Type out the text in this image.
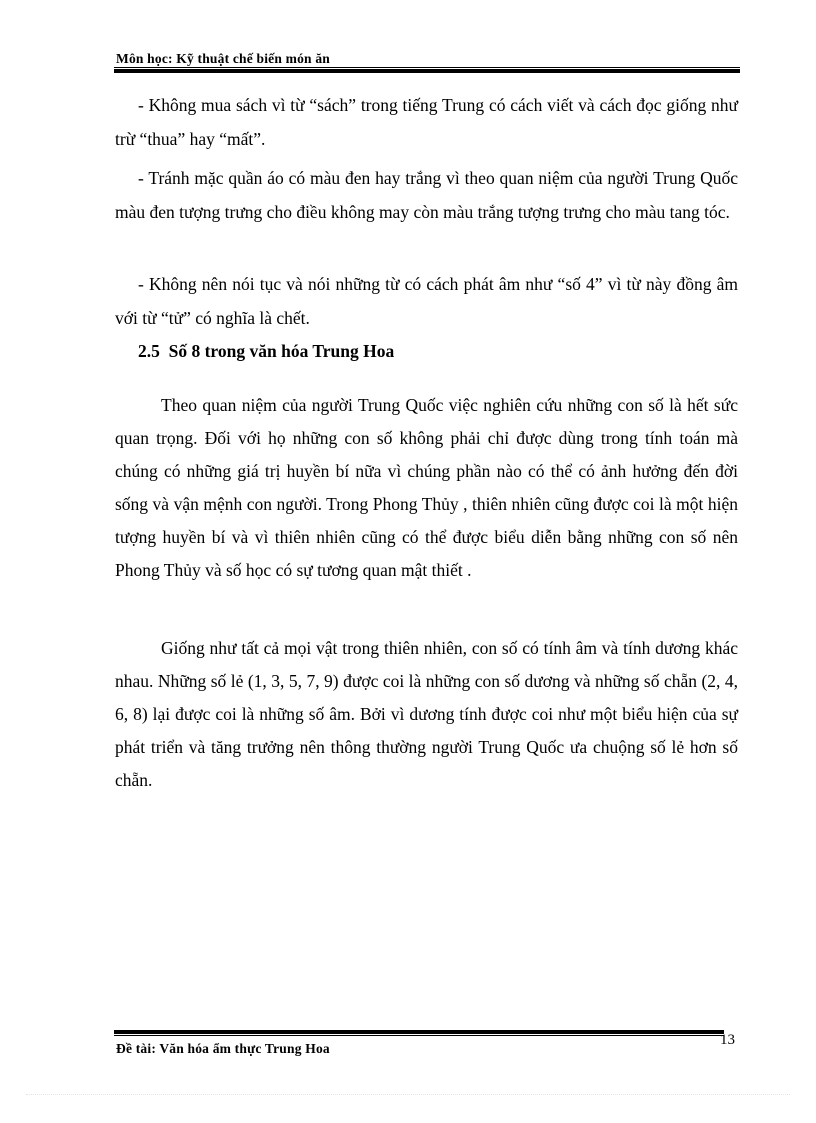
Môn học: Kỹ thuật chế biến món ăn

- Không mua sách vì từ “sách” trong tiếng Trung có cách viết và cách đọc giống như trừ “thua” hay “mất”.

- Tránh mặc quần áo có màu đen hay trắng vì theo quan niệm của người Trung Quốc màu đen tượng trưng cho điều không may còn màu trắng tượng trưng cho màu tang tóc.

- Không nên nói tục và nói những từ có cách phát âm như “số 4” vì từ này đồng âm với từ “tử” có nghĩa là chết.

2.5 Số 8 trong văn hóa Trung Hoa

Theo quan niệm của người Trung Quốc việc nghiên cứu những con số là hết sức quan trọng. Đối với họ những con số không phải chỉ được dùng trong tính toán mà chúng có những giá trị huyền bí nữa vì chúng phần nào có thể có ảnh hưởng đến đời sống và vận mệnh con người. Trong Phong Thủy , thiên nhiên cũng được coi là một hiện tượng huyền bí và vì thiên nhiên cũng có thể được biểu diễn bằng những con số nên Phong Thủy và số học có sự tương quan mật thiết .

Giống như tất cả mọi vật trong thiên nhiên, con số có tính âm và tính dương khác nhau. Những số lẻ (1, 3, 5, 7, 9) được coi là những con số dương và những số chẵn (2, 4, 6, 8) lại được coi là những số âm. Bởi vì dương tính được coi như một biểu hiện của sự phát triển và tăng trưởng nên thông thường người Trung Quốc ưa chuộng số lẻ hơn số chẵn.

13
Đề tài: Văn hóa ẩm thực Trung Hoa
